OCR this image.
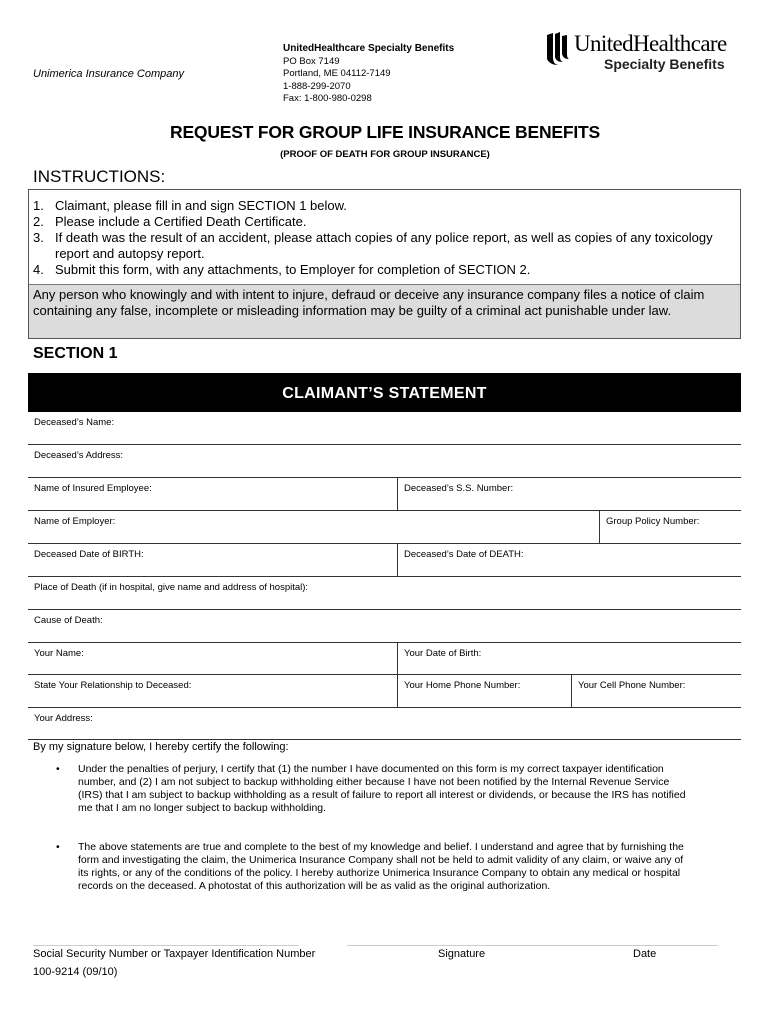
Unimerica Insurance Company
UnitedHealthcare Specialty Benefits
PO Box 7149
Portland, ME 04112-7149
1-888-299-2070
Fax: 1-800-980-0298
UnitedHealthcare
Specialty Benefits
REQUEST FOR GROUP LIFE INSURANCE BENEFITS
(PROOF OF DEATH FOR GROUP INSURANCE)
INSTRUCTIONS:
1. Claimant, please fill in and sign SECTION 1 below.
2. Please include a Certified Death Certificate.
3. If death was the result of an accident, please attach copies of any police report, as well as copies of any toxicology report and autopsy report.
4. Submit this form, with any attachments, to Employer for completion of SECTION 2.
Any person who knowingly and with intent to injure, defraud or deceive any insurance company files a notice of claim containing any false, incomplete or misleading information may be guilty of a criminal act punishable under law.
SECTION 1
CLAIMANT’S STATEMENT
Deceased’s Name:
Deceased’s Address:
Name of Insured Employee:	Deceased’s S.S. Number:
Name of Employer:	Group Policy Number:
Deceased Date of BIRTH:	Deceased’s Date of DEATH:
Place of Death (if in hospital, give name and address of hospital):
Cause of Death:
Your Name:	Your Date of Birth:
State Your Relationship to Deceased:	Your Home Phone Number:	Your Cell Phone Number:
Your Address:
By my signature below, I hereby certify the following:
• Under the penalties of perjury, I certify that (1) the number I have documented on this form is my correct taxpayer identification number, and (2) I am not subject to backup withholding either because I have not been notified by the Internal Revenue Service (IRS) that I am subject to backup withholding as a result of failure to report all interest or dividends, or because the IRS has notified me that I am no longer subject to backup withholding.
• The above statements are true and complete to the best of my knowledge and belief. I understand and agree that by furnishing the form and investigating the claim, the Unimerica Insurance Company shall not be held to admit validity of any claim, or waive any of its rights, or any of the conditions of the policy. I hereby authorize Unimerica Insurance Company to obtain any medical or hospital records on the deceased. A photostat of this authorization will be as valid as the original authorization.
Social Security Number or Taxpayer Identification Number	Signature	Date
100-9214 (09/10)
